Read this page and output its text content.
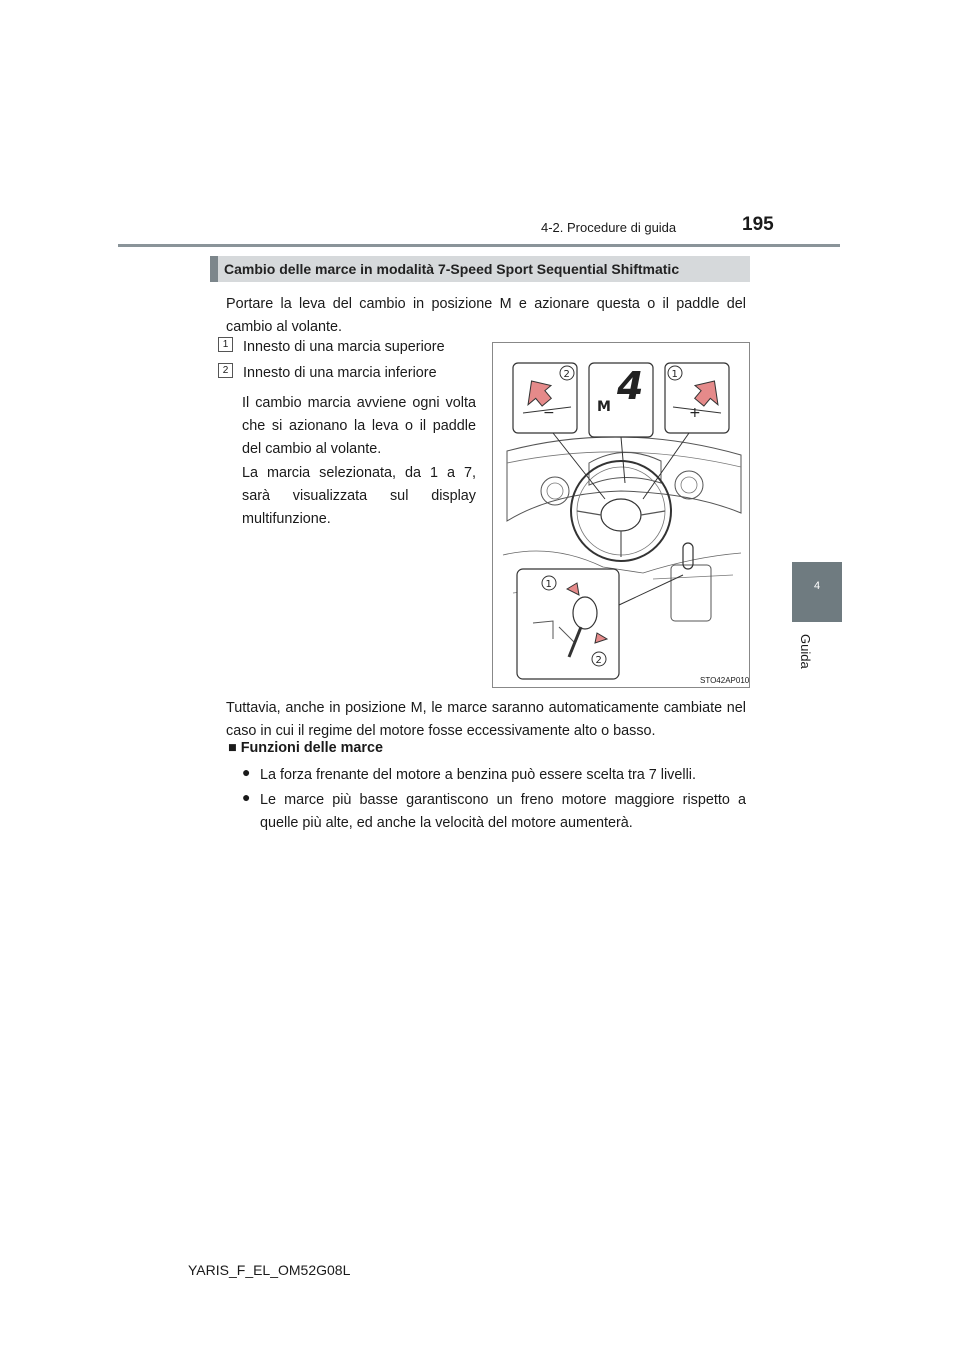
4-2. Procedure di guida	195
4
Guida
Cambio delle marce in modalità 7-Speed Sport Sequential Shiftmatic
Portare la leva del cambio in posizione M e azionare questa o il paddle del cambio al volante.
1	Innesto di una marcia superiore
2	Innesto di una marcia inferiore
Il cambio marcia avviene ogni volta che si azionano la leva o il paddle del cambio al volante.
La marcia selezionata, da 1 a 7, sarà visualizzata sul display multifunzione.
−
2
M 4
+
1
1
2
STO42AP010
Tuttavia, anche in posizione M, le marce saranno automaticamente cambiate nel caso in cui il regime del motore fosse eccessivamente alto o basso.
■ Funzioni delle marce
● La forza frenante del motore a benzina può essere scelta tra 7 livelli.
● Le marce più basse garantiscono un freno motore maggiore rispetto a quelle più alte, ed anche la velocità del motore aumenterà.
YARIS_F_EL_OM52G08L
